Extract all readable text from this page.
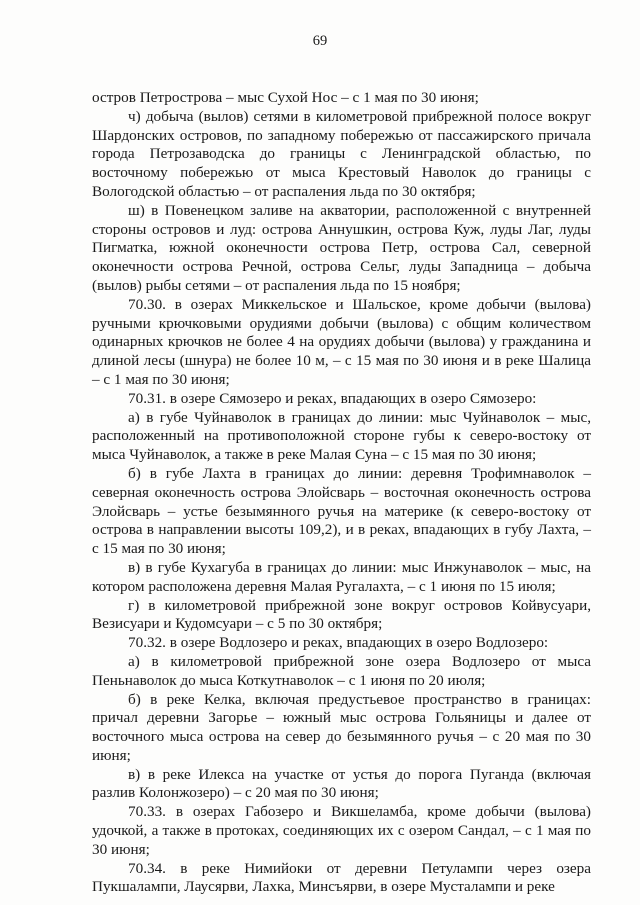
69

остров Петрострова – мыс Сухой Нос – с 1 мая по 30 июня;

ч) добыча (вылов) сетями в километровой прибрежной полосе вокруг Шардонских островов, по западному побережью от пассажирского причала города Петрозаводска до границы с Ленинградской областью, по восточному побережью от мыса Крестовый Наволок до границы с Вологодской областью – от распаления льда по 30 октября;

ш) в Повенецком заливе на акватории, расположенной с внутренней стороны островов и луд: острова Аннушкин, острова Куж, луды Лаг, луды Пигматка, южной оконечности острова Петр, острова Сал, северной оконечности острова Речной, острова Сельг, луды Западница – добыча (вылов) рыбы сетями – от распаления льда по 15 ноября;

70.30. в озерах Миккельское и Шальское, кроме добычи (вылова) ручными крючковыми орудиями добычи (вылова) с общим количеством одинарных крючков не более 4 на орудиях добычи (вылова) у гражданина и длиной лесы (шнура) не более 10 м, – с 15 мая по 30 июня и в реке Шалица – с 1 мая по 30 июня;

70.31. в озере Сямозеро и реках, впадающих в озеро Сямозеро:

а) в губе Чуйнаволок в границах до линии: мыс Чуйнаволок – мыс, расположенный на противоположной стороне губы к северо-востоку от мыса Чуйнаволок, а также в реке Малая Суна – с 15 мая по 30 июня;

б) в губе Лахта в границах до линии: деревня Трофимнаволок – северная оконечность острова Элойсварь – восточная оконечность острова Элойсварь – устье безымянного ручья на материке (к северо-востоку от острова в направлении высоты 109,2), и в реках, впадающих в губу Лахта, – с 15 мая по 30 июня;

в) в губе Кухагуба в границах до линии: мыс Инжунаволок – мыс, на котором расположена деревня Малая Ругалахта, – с 1 июня по 15 июля;

г) в километровой прибрежной зоне вокруг островов Койвусуари, Везисуари и Кудомсуари – с 5 по 30 октября;

70.32. в озере Водлозеро и реках, впадающих в озеро Водлозеро:

а) в километровой прибрежной зоне озера Водлозеро от мыса Пеньнаволок до мыса Коткутнаволок – с 1 июня по 20 июля;

б) в реке Келка, включая предустьевое пространство в границах: причал деревни Загорье – южный мыс острова Гольяницы и далее от восточного мыса острова на север до безымянного ручья – с 20 мая по 30 июня;

в) в реке Илекса на участке от устья до порога Пуганда (включая разлив Колонжозеро) – с 20 мая по 30 июня;

70.33. в озерах Габозеро и Викшеламба, кроме добычи (вылова) удочкой, а также в протоках, соединяющих их с озером Сандал, – с 1 мая по 30 июня;

70.34. в реке Нимийоки от деревни Петулампи через озера Пукшалампи, Лаусярви, Лахка, Минсъярви, в озере Мусталампи и реке
